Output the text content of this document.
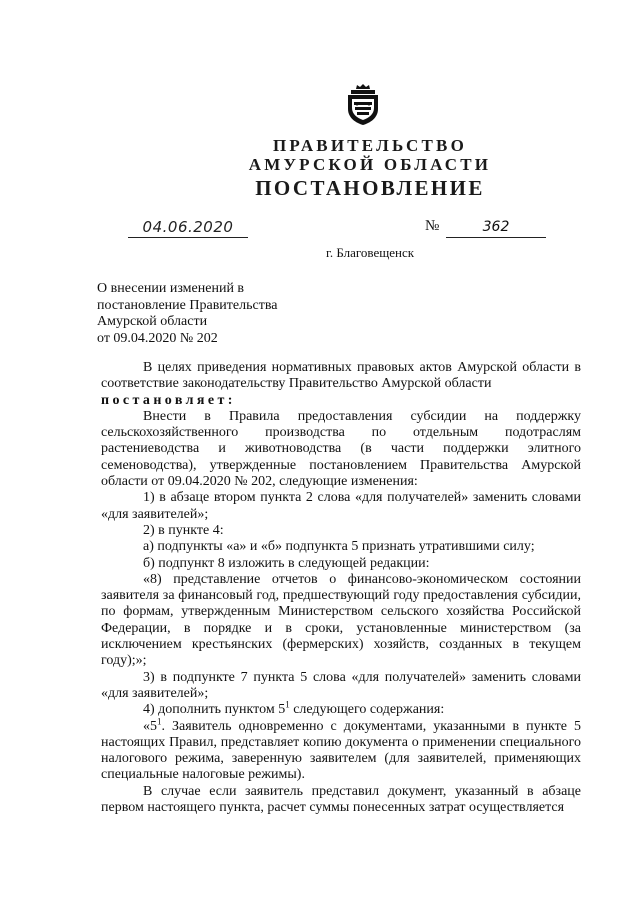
ПРАВИТЕЛЬСТВО
АМУРСКОЙ ОБЛАСТИ
ПОСТАНОВЛЕНИЕ
04.06.2020	№	362
г. Благовещенск
О внесении изменений в
постановление Правительства
Амурской области
от 09.04.2020 № 202

В целях приведения нормативных правовых актов Амурской области в соответствие законодательству Правительство Амурской области

постановляет:

Внести в Правила предоставления субсидии на поддержку сельскохозяйственного производства по отдельным подотраслям растениеводства и животноводства (в части поддержки элитного семеноводства), утвержденные постановлением Правительства Амурской области от 09.04.2020 № 202, следующие изменения:

1) в абзаце втором пункта 2 слова «для получателей» заменить словами «для заявителей»;

2) в пункте 4:

а) подпункты «а» и «б» подпункта 5 признать утратившими силу;

б) подпункт 8 изложить в следующей редакции:

«8) представление отчетов о финансово-экономическом состоянии заявителя за финансовый год, предшествующий году предоставления субсидии, по формам, утвержденным Министерством сельского хозяйства Российской Федерации, в порядке и в сроки, установленные министерством (за исключением крестьянских (фермерских) хозяйств, созданных в текущем году);»;

3) в подпункте 7 пункта 5 слова «для получателей» заменить словами «для заявителей»;

4) дополнить пунктом $5^1$ следующего содержания:

«$5^1$. Заявитель одновременно с документами, указанными в пункте 5 настоящих Правил, представляет копию документа о применении специального налогового режима, заверенную заявителем (для заявителей, применяющих специальные налоговые режимы).

В случае если заявитель представил документ, указанный в абзаце первом настоящего пункта, расчет суммы понесенных затрат осуществляется
